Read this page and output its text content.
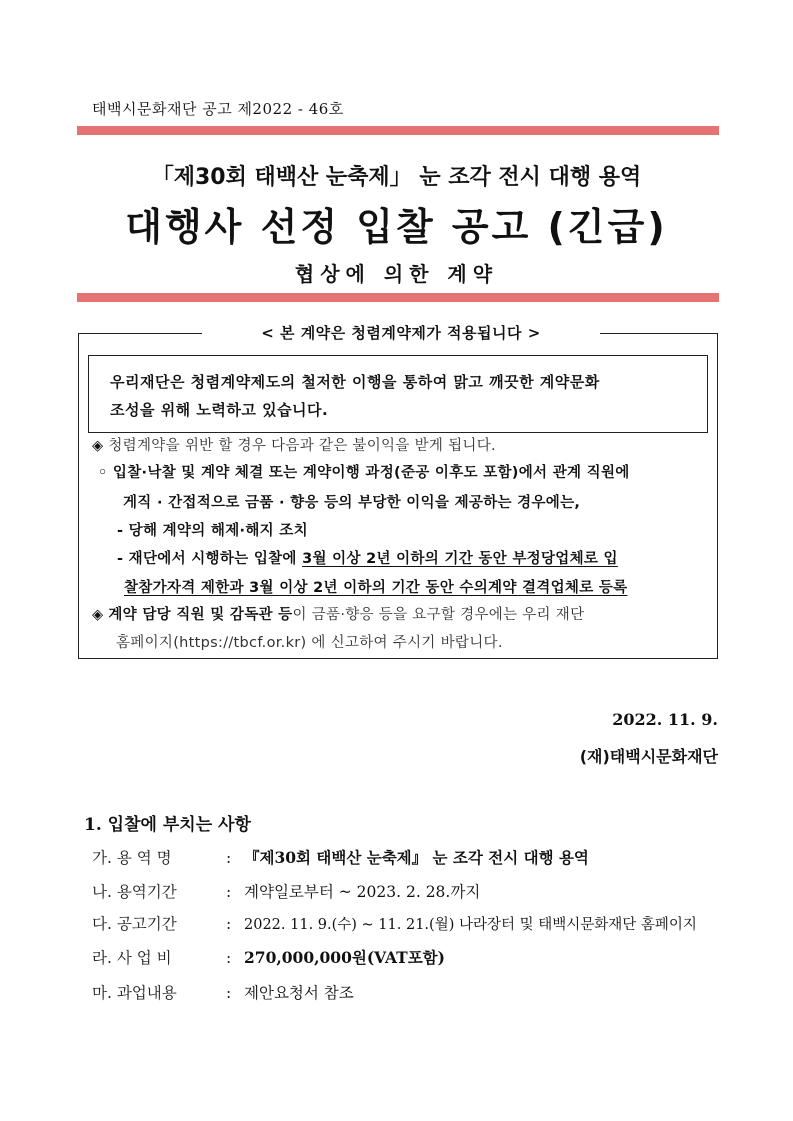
태백시문화재단 공고 제2022 - 46호
「제30회 태백산 눈축제」 눈 조각 전시 대행 용역
대행사 선정 입찰 공고 (긴급)
협상에 의한 계약
< 본 계약은 청렴계약제가 적용됩니다 >
우리재단은 청렴계약제도의 철저한 이행을 통하여 맑고 깨끗한 계약문화
조성을 위해 노력하고 있습니다.
◈ 청렴계약을 위반 할 경우 다음과 같은 불이익을 받게 됩니다.
◦ 입찰·낙찰 및 계약 체결 또는 계약이행 과정(준공 이후도 포함)에서 관계 직원에
게직 · 간접적으로 금품 · 향응 등의 부당한 이익을 제공하는 경우에는,
- 당해 계약의 해제·해지 조치
- 재단에서 시행하는 입찰에 3월 이상 2년 이하의 기간 동안 부정당업체로 입
찰참가자격 제한과 3월 이상 2년 이하의 기간 동안 수의계약 결격업체로 등록
◈ 계약 담당 직원 및 감독관 등이 금품·향응 등을 요구할 경우에는 우리 재단
홈페이지(https://tbcf.or.kr) 에 신고하여 주시기 바랍니다.
2022. 11. 9.
(재)태백시문화재단
1. 입찰에 부치는 사항
가. 용 역 명	: 『제30회 태백산 눈축제』 눈 조각 전시 대행 용역
나. 용역기간	: 계약일로부터 ~ 2023. 2. 28.까지
다. 공고기간	: 2022. 11. 9.(수) ~ 11. 21.(월) 나라장터 및 태백시문화재단 홈페이지
라. 사 업 비	: 270,000,000원(VAT포함)
마. 과업내용	: 제안요청서 참조
